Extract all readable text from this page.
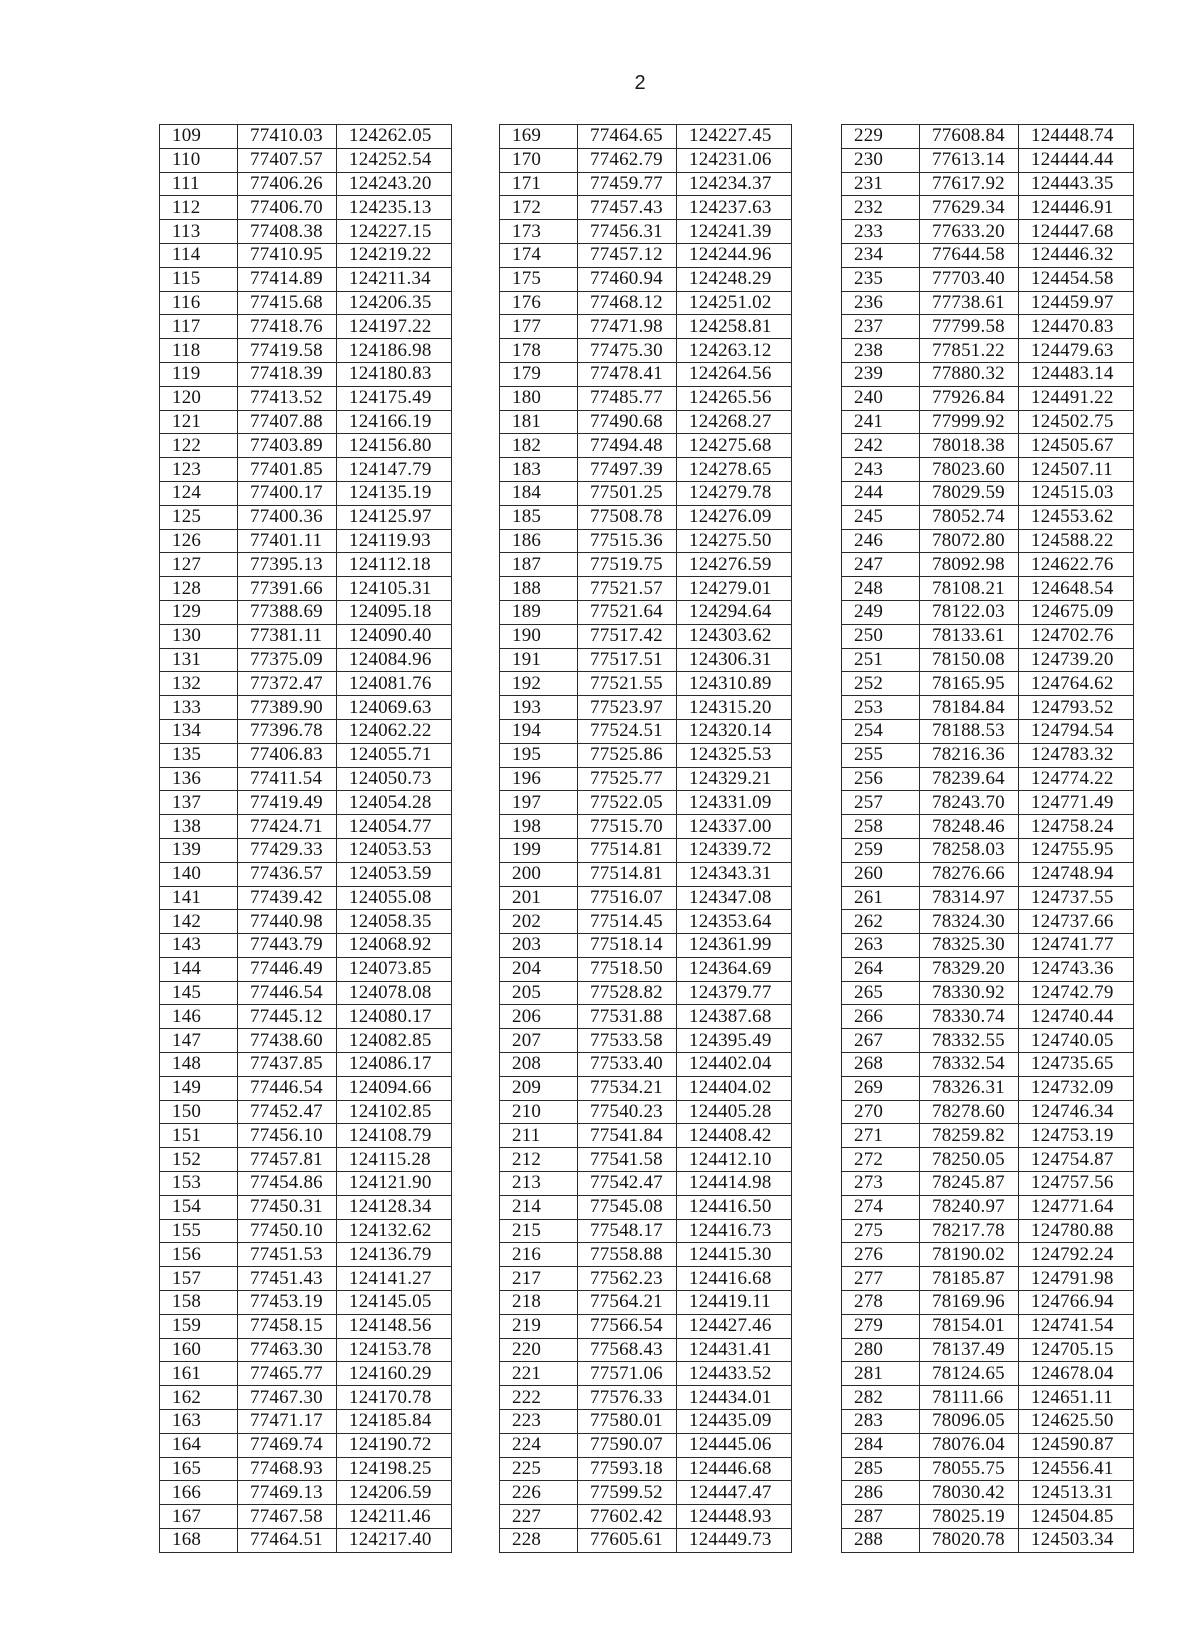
2
109	77410.03	124262.05
110	77407.57	124252.54
111	77406.26	124243.20
112	77406.70	124235.13
113	77408.38	124227.15
114	77410.95	124219.22
115	77414.89	124211.34
116	77415.68	124206.35
117	77418.76	124197.22
118	77419.58	124186.98
119	77418.39	124180.83
120	77413.52	124175.49
121	77407.88	124166.19
122	77403.89	124156.80
123	77401.85	124147.79
124	77400.17	124135.19
125	77400.36	124125.97
126	77401.11	124119.93
127	77395.13	124112.18
128	77391.66	124105.31
129	77388.69	124095.18
130	77381.11	124090.40
131	77375.09	124084.96
132	77372.47	124081.76
133	77389.90	124069.63
134	77396.78	124062.22
135	77406.83	124055.71
136	77411.54	124050.73
137	77419.49	124054.28
138	77424.71	124054.77
139	77429.33	124053.53
140	77436.57	124053.59
141	77439.42	124055.08
142	77440.98	124058.35
143	77443.79	124068.92
144	77446.49	124073.85
145	77446.54	124078.08
146	77445.12	124080.17
147	77438.60	124082.85
148	77437.85	124086.17
149	77446.54	124094.66
150	77452.47	124102.85
151	77456.10	124108.79
152	77457.81	124115.28
153	77454.86	124121.90
154	77450.31	124128.34
155	77450.10	124132.62
156	77451.53	124136.79
157	77451.43	124141.27
158	77453.19	124145.05
159	77458.15	124148.56
160	77463.30	124153.78
161	77465.77	124160.29
162	77467.30	124170.78
163	77471.17	124185.84
164	77469.74	124190.72
165	77468.93	124198.25
166	77469.13	124206.59
167	77467.58	124211.46
168	77464.51	124217.40
169	77464.65	124227.45
170	77462.79	124231.06
171	77459.77	124234.37
172	77457.43	124237.63
173	77456.31	124241.39
174	77457.12	124244.96
175	77460.94	124248.29
176	77468.12	124251.02
177	77471.98	124258.81
178	77475.30	124263.12
179	77478.41	124264.56
180	77485.77	124265.56
181	77490.68	124268.27
182	77494.48	124275.68
183	77497.39	124278.65
184	77501.25	124279.78
185	77508.78	124276.09
186	77515.36	124275.50
187	77519.75	124276.59
188	77521.57	124279.01
189	77521.64	124294.64
190	77517.42	124303.62
191	77517.51	124306.31
192	77521.55	124310.89
193	77523.97	124315.20
194	77524.51	124320.14
195	77525.86	124325.53
196	77525.77	124329.21
197	77522.05	124331.09
198	77515.70	124337.00
199	77514.81	124339.72
200	77514.81	124343.31
201	77516.07	124347.08
202	77514.45	124353.64
203	77518.14	124361.99
204	77518.50	124364.69
205	77528.82	124379.77
206	77531.88	124387.68
207	77533.58	124395.49
208	77533.40	124402.04
209	77534.21	124404.02
210	77540.23	124405.28
211	77541.84	124408.42
212	77541.58	124412.10
213	77542.47	124414.98
214	77545.08	124416.50
215	77548.17	124416.73
216	77558.88	124415.30
217	77562.23	124416.68
218	77564.21	124419.11
219	77566.54	124427.46
220	77568.43	124431.41
221	77571.06	124433.52
222	77576.33	124434.01
223	77580.01	124435.09
224	77590.07	124445.06
225	77593.18	124446.68
226	77599.52	124447.47
227	77602.42	124448.93
228	77605.61	124449.73
229	77608.84	124448.74
230	77613.14	124444.44
231	77617.92	124443.35
232	77629.34	124446.91
233	77633.20	124447.68
234	77644.58	124446.32
235	77703.40	124454.58
236	77738.61	124459.97
237	77799.58	124470.83
238	77851.22	124479.63
239	77880.32	124483.14
240	77926.84	124491.22
241	77999.92	124502.75
242	78018.38	124505.67
243	78023.60	124507.11
244	78029.59	124515.03
245	78052.74	124553.62
246	78072.80	124588.22
247	78092.98	124622.76
248	78108.21	124648.54
249	78122.03	124675.09
250	78133.61	124702.76
251	78150.08	124739.20
252	78165.95	124764.62
253	78184.84	124793.52
254	78188.53	124794.54
255	78216.36	124783.32
256	78239.64	124774.22
257	78243.70	124771.49
258	78248.46	124758.24
259	78258.03	124755.95
260	78276.66	124748.94
261	78314.97	124737.55
262	78324.30	124737.66
263	78325.30	124741.77
264	78329.20	124743.36
265	78330.92	124742.79
266	78330.74	124740.44
267	78332.55	124740.05
268	78332.54	124735.65
269	78326.31	124732.09
270	78278.60	124746.34
271	78259.82	124753.19
272	78250.05	124754.87
273	78245.87	124757.56
274	78240.97	124771.64
275	78217.78	124780.88
276	78190.02	124792.24
277	78185.87	124791.98
278	78169.96	124766.94
279	78154.01	124741.54
280	78137.49	124705.15
281	78124.65	124678.04
282	78111.66	124651.11
283	78096.05	124625.50
284	78076.04	124590.87
285	78055.75	124556.41
286	78030.42	124513.31
287	78025.19	124504.85
288	78020.78	124503.34
